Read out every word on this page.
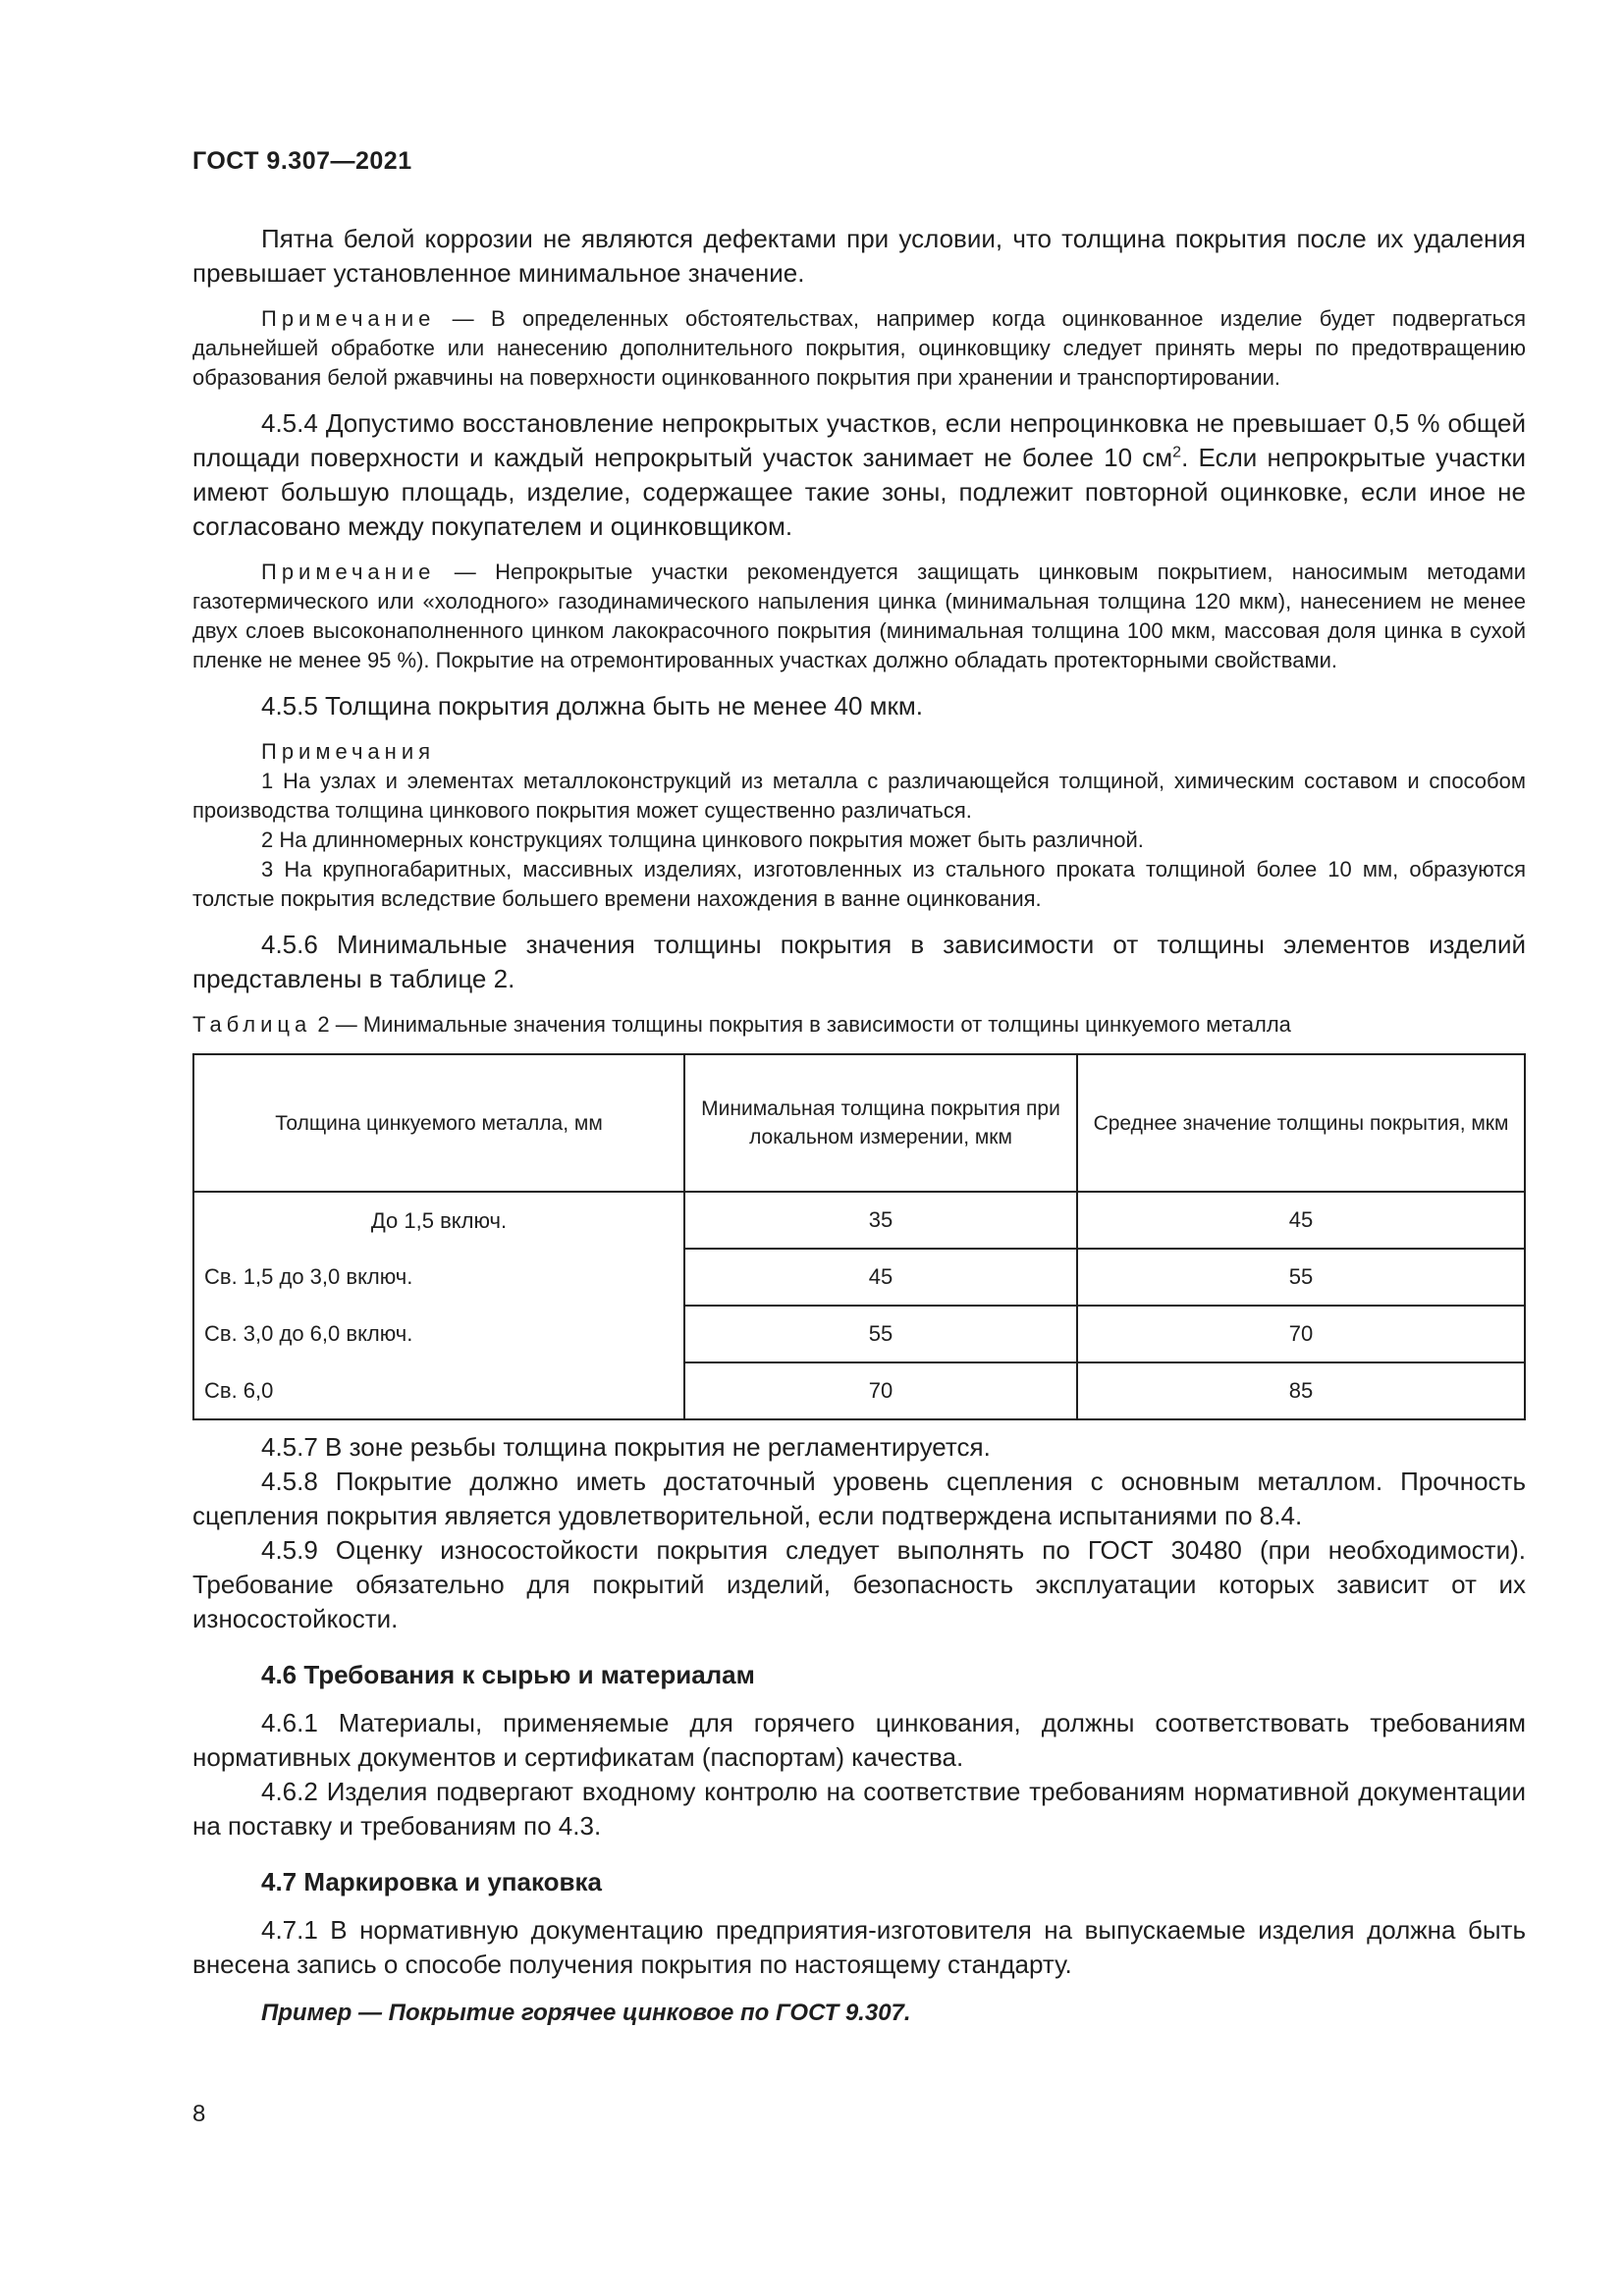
ГОСТ 9.307—2021

Пятна белой коррозии не являются дефектами при условии, что толщина покрытия после их удаления превышает установленное минимальное значение.

Примечание — В определенных обстоятельствах, например когда оцинкованное изделие будет подвергаться дальнейшей обработке или нанесению дополнительного покрытия, оцинковщику следует принять меры по предотвращению образования белой ржавчины на поверхности оцинкованного покрытия при хранении и транспортировании.

4.5.4 Допустимо восстановление непрокрытых участков, если непроцинковка не превышает 0,5 % общей площади поверхности и каждый непрокрытый участок занимает не более 10 $см^2$. Если непрокрытые участки имеют большую площадь, изделие, содержащее такие зоны, подлежит повторной оцинковке, если иное не согласовано между покупателем и оцинковщиком.

Примечание — Непрокрытые участки рекомендуется защищать цинковым покрытием, наносимым методами газотермического или «холодного» газодинамического напыления цинка (минимальная толщина 120 мкм), нанесением не менее двух слоев высоконаполненного цинком лакокрасочного покрытия (минимальная толщина 100 мкм, массовая доля цинка в сухой пленке не менее 95 %). Покрытие на отремонтированных участках должно обладать протекторными свойствами.

4.5.5 Толщина покрытия должна быть не менее 40 мкм.

Примечания

1 На узлах и элементах металлоконструкций из металла с различающейся толщиной, химическим составом и способом производства толщина цинкового покрытия может существенно различаться.

2 На длинномерных конструкциях толщина цинкового покрытия может быть различной.

3 На крупногабаритных, массивных изделиях, изготовленных из стального проката толщиной более 10 мм, образуются толстые покрытия вследствие большего времени нахождения в ванне оцинкования.

4.5.6 Минимальные значения толщины покрытия в зависимости от толщины элементов изделий представлены в таблице 2.

Таблица 2 — Минимальные значения толщины покрытия в зависимости от толщины цинкуемого металла

Толщина цинкуемого металла, мм	Минимальная толщина покрытия при локальном измерении, мкм	Среднее значение толщины покрытия, мкм
До 1,5 включ.	35	45
Св. 1,5 до 3,0 включ.	45	55
Св. 3,0 до 6,0 включ.	55	70
Св. 6,0	70	85

4.5.7 В зоне резьбы толщина покрытия не регламентируется.

4.5.8 Покрытие должно иметь достаточный уровень сцепления с основным металлом. Прочность сцепления покрытия является удовлетворительной, если подтверждена испытаниями по 8.4.

4.5.9 Оценку износостойкости покрытия следует выполнять по ГОСТ 30480 (при необходимости). Требование обязательно для покрытий изделий, безопасность эксплуатации которых зависит от их износостойкости.

4.6 Требования к сырью и материалам

4.6.1 Материалы, применяемые для горячего цинкования, должны соответствовать требованиям нормативных документов и сертификатам (паспортам) качества.

4.6.2 Изделия подвергают входному контролю на соответствие требованиям нормативной документации на поставку и требованиям по 4.3.

4.7 Маркировка и упаковка

4.7.1 В нормативную документацию предприятия-изготовителя на выпускаемые изделия должна быть внесена запись о способе получения покрытия по настоящему стандарту.

Пример — Покрытие горячее цинковое по ГОСТ 9.307.

8
